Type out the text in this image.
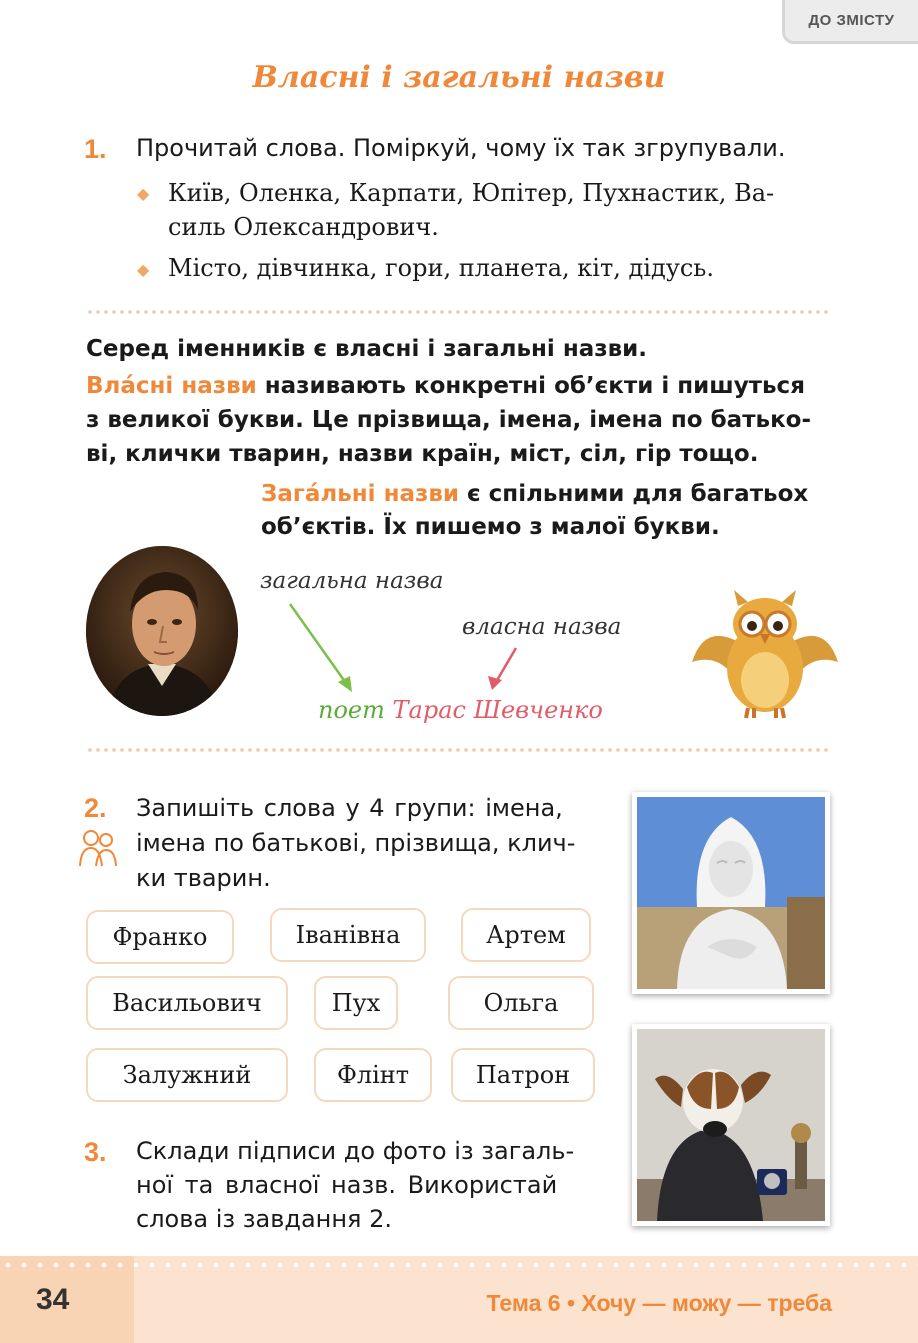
ДО ЗМІСТУ
Власні і загальні назви
1. Прочитай слова. Поміркуй, чому їх так згрупували.
◆ Київ, Оленка, Карпати, Юпітер, Пухнастик, Ва-
силь Олександрович.
◆ Місто, дівчинка, гори, планета, кіт, дідусь.
Серед іменників є власні і загальні назви.
Вла́сні назви називають конкретні об’єкти і пишуться
з великої букви. Це прізвища, імена, імена по батько-
ві, клички тварин, назви країн, міст, сіл, гір тощо.
Зага́льні назви є спільними для багатьох
об’єктів. Їх пишемо з малої букви.
загальна назва
власна назва
поет Тарас Шевченко
2. Запишіть слова у 4 групи: імена,
імена по батькові, прізвища, клич-
ки тварин.
Франко	Іванівна	Артем
Васильович	Пух	Ольга
Залужний	Флінт	Патрон
3. Склади підписи до фото із загаль-
ної та власної назв. Використай
слова із завдання 2.
34	Тема 6 • Хочу — можу — треба
